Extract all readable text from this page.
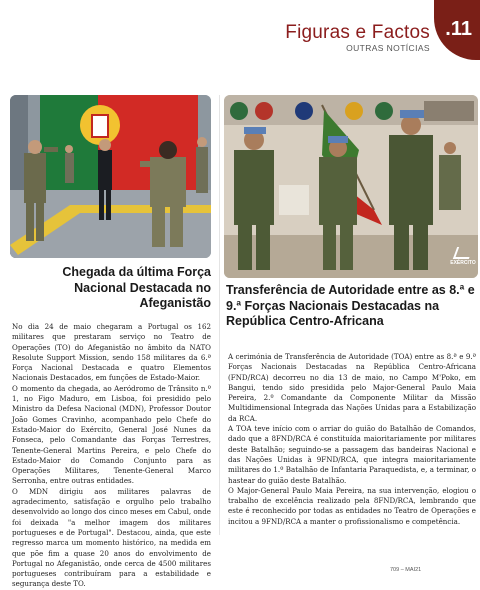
Figuras e Factos
OUTRAS NOTÍCIAS
.11
EXÉRCITO
Chegada da última Força Nacional Destacada no Afeganistão

No dia 24 de maio chegaram a Portugal os 162 militares que prestaram serviço no Teatro de Operações (TO) do Afeganistão no âmbito da NATO Resolute Support Mission, sendo 158 militares da 6.ª Força Nacional Destacada e quatro Elementos Nacionais Destacados, em funções de Estado-Maior.

O momento da chegada, ao Aeródromo de Trânsito n.º 1, no Figo Maduro, em Lisboa, foi presidido pelo Ministro da Defesa Nacional (MDN), Professor Doutor João Gomes Cravinho, acompanhado pelo Chefe do Estado-Maior do Exército, General José Nunes da Fonseca, pelo Comandante das Forças Terrestres, Tenente-General Martins Pereira, e pelo Chefe do Estado-Maior do Comando Conjunto para as Operações Militares, Tenente-General Marco Serronha, entre outras entidades.

O MDN dirigiu aos militares palavras de agradecimento, satisfação e orgulho pelo trabalho desenvolvido ao longo dos cinco meses em Cabul, onde foi deixada "a melhor imagem dos militares portugueses e de Portugal". Destacou, ainda, que este regresso marca um momento histórico, na medida em que põe fim a quase 20 anos do envolvimento de Portugal no Afeganistão, onde cerca de 4500 militares portugueses contribuíram para a estabilidade e segurança deste TO.

Transferência de Autoridade entre as 8.ª e 9.ª Forças Nacionais Destacadas na República Centro-Africana

A cerimónia de Transferência de Autoridade (TOA) entre as 8.ª e 9.ª Forças Nacionais Destacadas na República Centro-Africana (FND/RCA) decorreu no dia 13 de maio, no Campo M'Poko, em Bangui, tendo sido presidida pelo Major-General Paulo Maia Pereira, 2.º Comandante da Componente Militar da Missão Multidimensional Integrada das Nações Unidas para a Estabilização da RCA.

A TOA teve início com o arriar do guião do Batalhão de Comandos, dado que a 8FND/RCA é constituída maioritariamente por militares deste Batalhão; seguindo-se a passagem das bandeiras Nacional e das Nações Unidas à 9FND/RCA, que integra maioritariamente militares do 1.º Batalhão de Infantaria Paraquedista, e, a terminar, o hastear do guião deste Batalhão.

O Major-General Paulo Maia Pereira, na sua intervenção, elogiou o trabalho de excelência realizado pela 8FND/RCA, lembrando que este é reconhecido por todas as entidades no Teatro de Operações e incitou a 9FND/RCA a manter o profissionalismo e competência.

709 – MAI21
